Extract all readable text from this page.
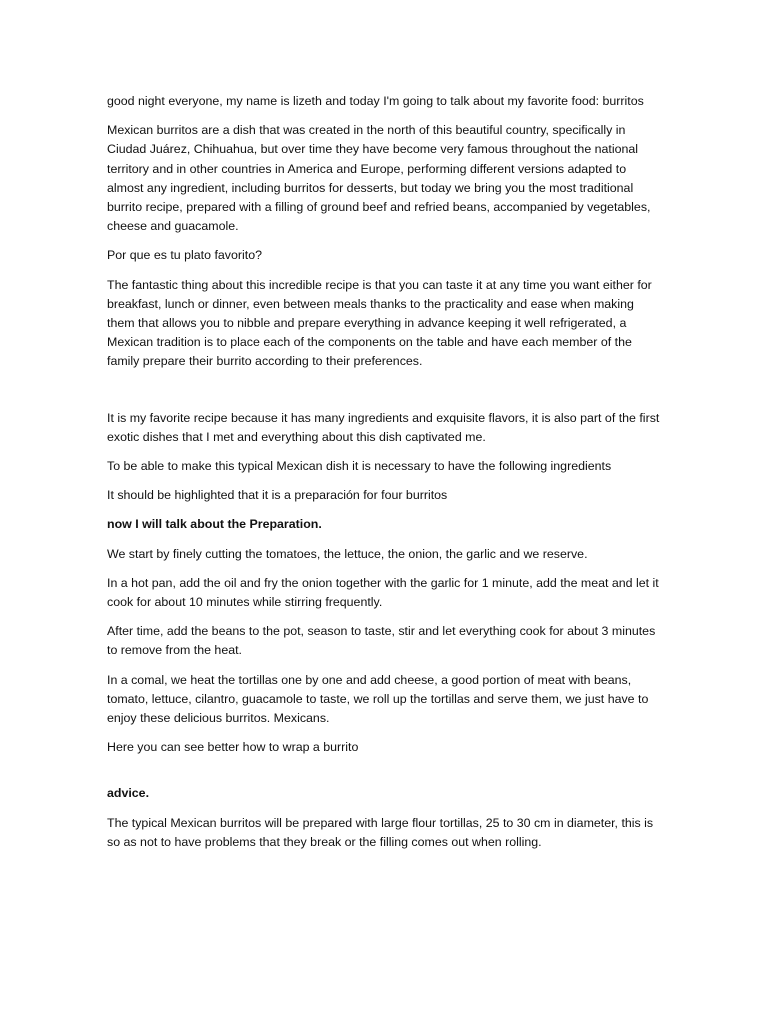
good night everyone, my name is lizeth and today I'm going to talk about my favorite food: burritos

Mexican burritos are a dish that was created in the north of this beautiful country, specifically in Ciudad Juárez, Chihuahua, but over time they have become very famous throughout the national territory and in other countries in America and Europe, performing different versions adapted to almost any ingredient, including burritos for desserts, but today we bring you the most traditional burrito recipe, prepared with a filling of ground beef and refried beans, accompanied by vegetables, cheese and guacamole.

Por que es tu plato favorito?

The fantastic thing about this incredible recipe is that you can taste it at any time you want either for breakfast, lunch or dinner, even between meals thanks to the practicality and ease when making them that allows you to nibble and prepare everything in advance keeping it well refrigerated, a Mexican tradition is to place each of the components on the table and have each member of the family prepare their burrito according to their preferences.

It is my favorite recipe because it has many ingredients and exquisite flavors, it is also part of the first exotic dishes that I met and everything about this dish captivated me.

To be able to make this typical Mexican dish it is necessary to have the following ingredients

It should be highlighted that it is a preparación for four burritos

now I will talk about the Preparation.

We start by finely cutting the tomatoes, the lettuce, the onion, the garlic and we reserve.

In a hot pan, add the oil and fry the onion together with the garlic for 1 minute, add the meat and let it cook for about 10 minutes while stirring frequently.

After time, add the beans to the pot, season to taste, stir and let everything cook for about 3 minutes to remove from the heat.

In a comal, we heat the tortillas one by one and add cheese, a good portion of meat with beans, tomato, lettuce, cilantro, guacamole to taste, we roll up the tortillas and serve them, we just have to enjoy these delicious burritos. Mexicans.

Here you can see better how to wrap a burrito

advice.

The typical Mexican burritos will be prepared with large flour tortillas, 25 to 30 cm in diameter, this is so as not to have problems that they break or the filling comes out when rolling.
